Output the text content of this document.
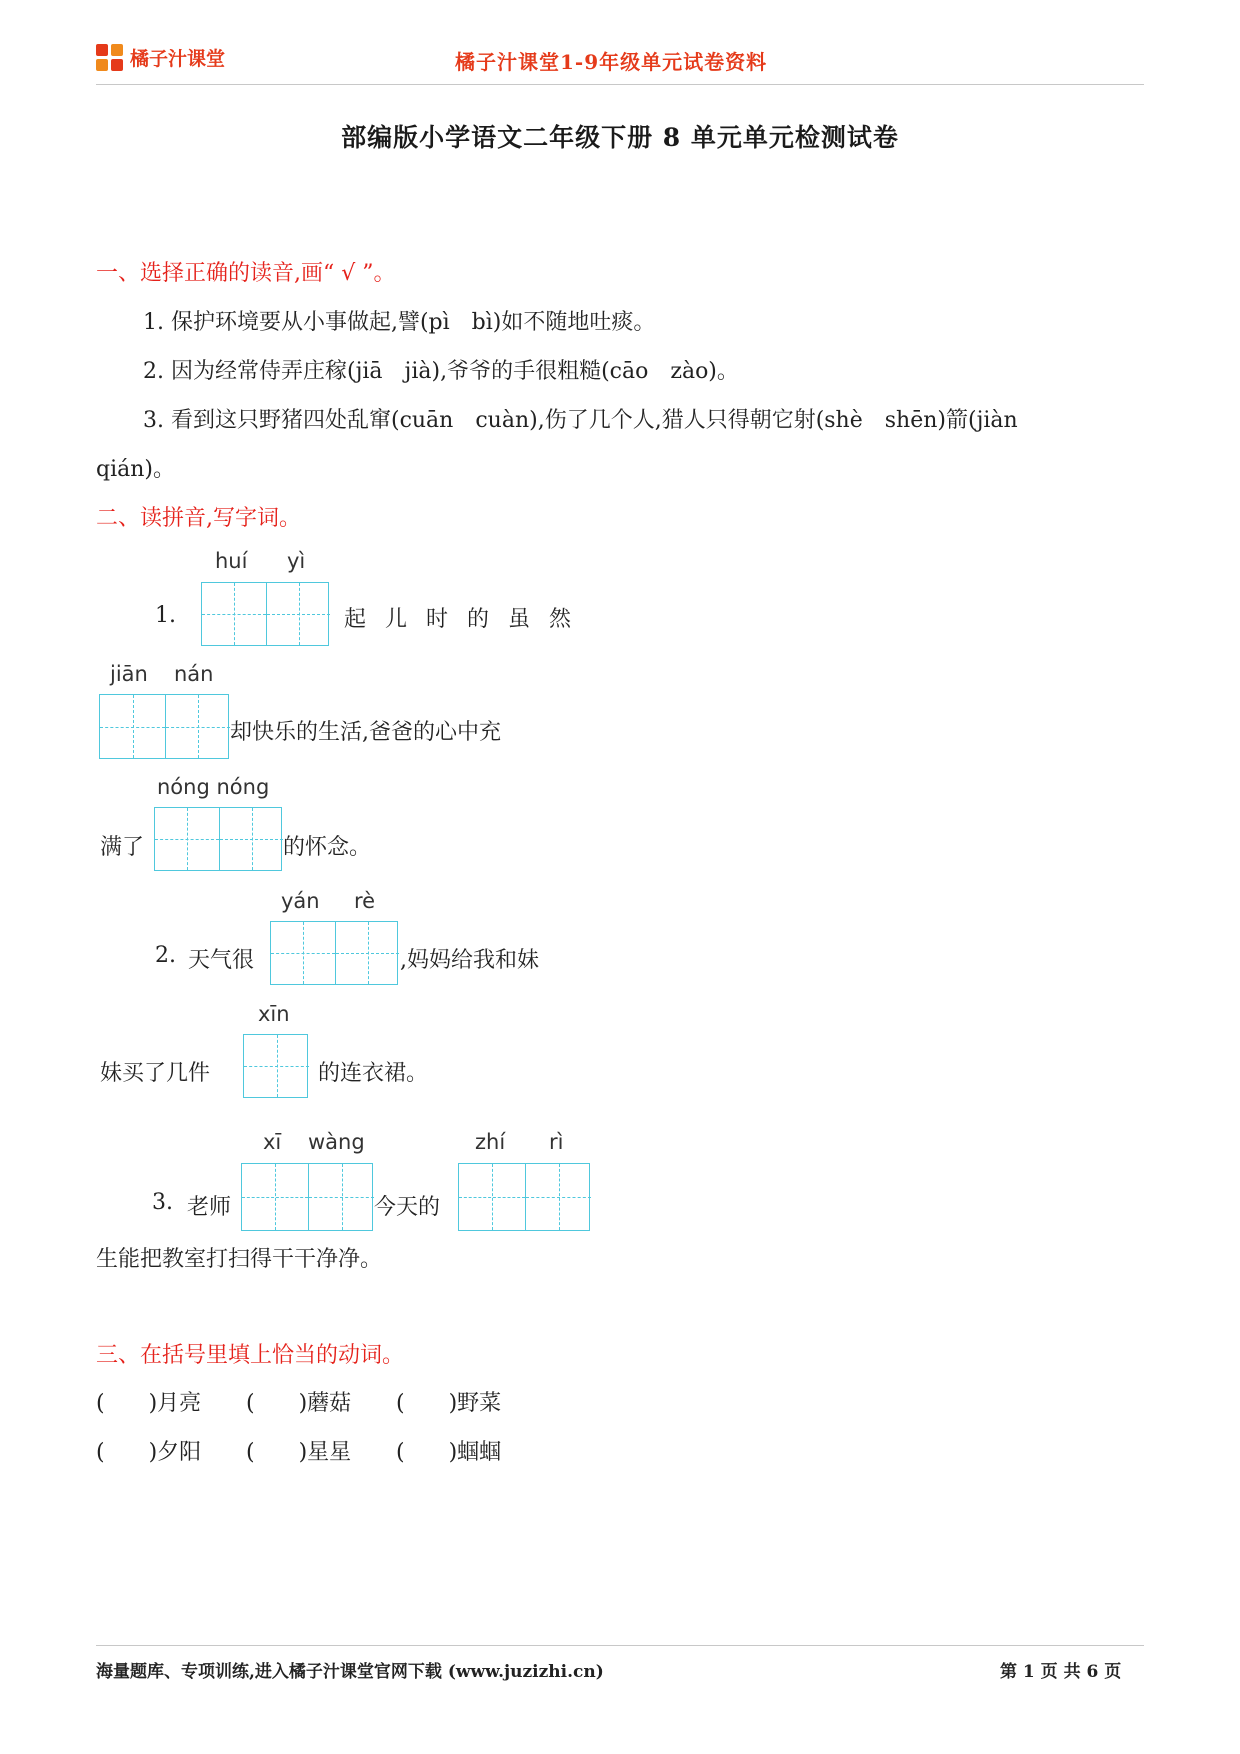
橘子汁课堂	橘子汁课堂1-9年级单元试卷资料
部编版小学语文二年级下册 8 单元单元检测试卷
一、选择正确的读音,画“ √ ”。
1. 保护环境要从小事做起,譬(pì　bì)如不随地吐痰。
2. 因为经常侍弄庄稼(jiā　jià),爷爷的手很粗糙(cāo　zào)。
3. 看到这只野猪四处乱窜(cuān　cuàn),伤了几个人,猎人只得朝它射(shè　shēn)箭(jiàn
qián)。
二、读拼音,写字词。
huí yì
1.	起 儿 时 的 虽 然
jiān nán
却快乐的生活,爸爸的心中充
nóng nóng
满了	的怀念。
yán rè
2. 天气很	,妈妈给我和妹
xīn
妹买了几件	的连衣裙。
xī wàng	zhí rì
3. 老师	今天的
生能把教室打扫得干干净净。
三、在括号里填上恰当的动词。
(　　)月亮 (　　)蘑菇 (　　)野菜
(　　)夕阳 (　　)星星 (　　)蝈蝈
海量题库、专项训练,进入橘子汁课堂官网下载 (www.juzizhi.cn)	第 1 页 共 6 页
